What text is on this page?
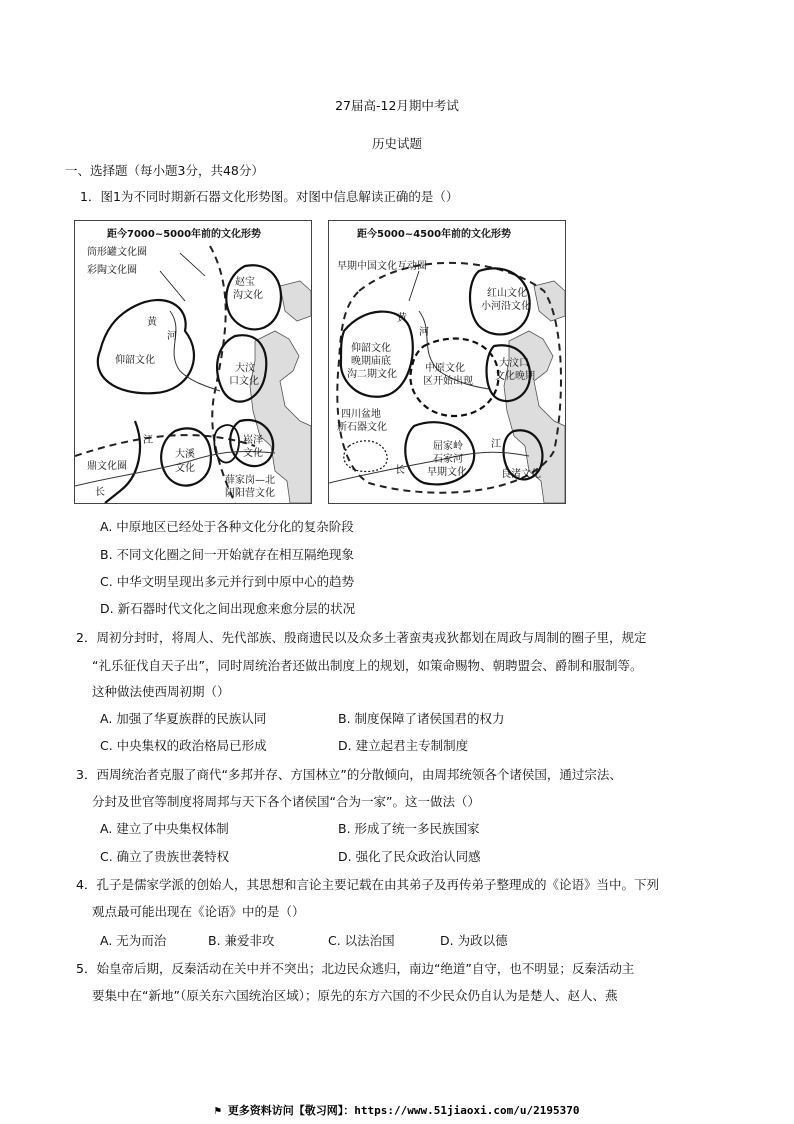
27届高-12月期中考试
历史试题
一、选择题（每小题3分，共48分）
1．图1为不同时期新石器文化形势图。对图中信息解读正确的是（）
距今7000~5000年前的文化形势
筒形罐文化圈
彩陶文化圈
赵宝
沟文化
黄
河
仰韶文化
大汶
口文化
江
大溪
文化
崧泽
文化
薛家岗—北
阴阳营文化
鼎文化圈
长
距今5000~4500年前的文化形势
早期中国文化互动圈
红山文化
小河沿文化
黄
河
仰韶文化
晚期庙底
沟二期文化
中原文化
区开始出现
大汶口
文化晚期
四川盆地
新石器文化
屈家岭
石家河
早期文化
江
长	良渚文化
A. 中原地区已经处于各种文化分化的复杂阶段
B. 不同文化圈之间一开始就存在相互隔绝现象
C. 中华文明呈现出多元并行到中原中心的趋势
D. 新石器时代文化之间出现愈来愈分层的状况
2．周初分封时，将周人、先代部族、殷商遗民以及众多土著蛮夷戎狄都划在周政与周制的圈子里，规定
“礼乐征伐自天子出”，同时周统治者还做出制度上的规划，如策命赐物、朝聘盟会、爵制和服制等。
这种做法使西周初期（）
A. 加强了华夏族群的民族认同	B. 制度保障了诸侯国君的权力
C. 中央集权的政治格局已形成	D. 建立起君主专制制度
3．西周统治者克服了商代“多邦并存、方国林立”的分散倾向，由周邦统领各个诸侯国，通过宗法、
分封及世官等制度将周邦与天下各个诸侯国“合为一家”。这一做法（）
A. 建立了中央集权体制	B. 形成了统一多民族国家
C. 确立了贵族世袭特权	D. 强化了民众政治认同感
4．孔子是儒家学派的创始人，其思想和言论主要记载在由其弟子及再传弟子整理成的《论语》当中。下列
观点最可能出现在《论语》中的是（）
A. 无为而治	B. 兼爱非攻	C. 以法治国	D. 为政以德
5．始皇帝后期，反秦活动在关中并不突出；北边民众逃归，南边“绝道”自守，也不明显；反秦活动主
要集中在“新地”（原关东六国统治区域）；原先的东方六国的不少民众仍自认为是楚人、赵人、燕
⚑ 更多资料访问【敬习网】：https://www.51jiaoxi.com/u/2195370
